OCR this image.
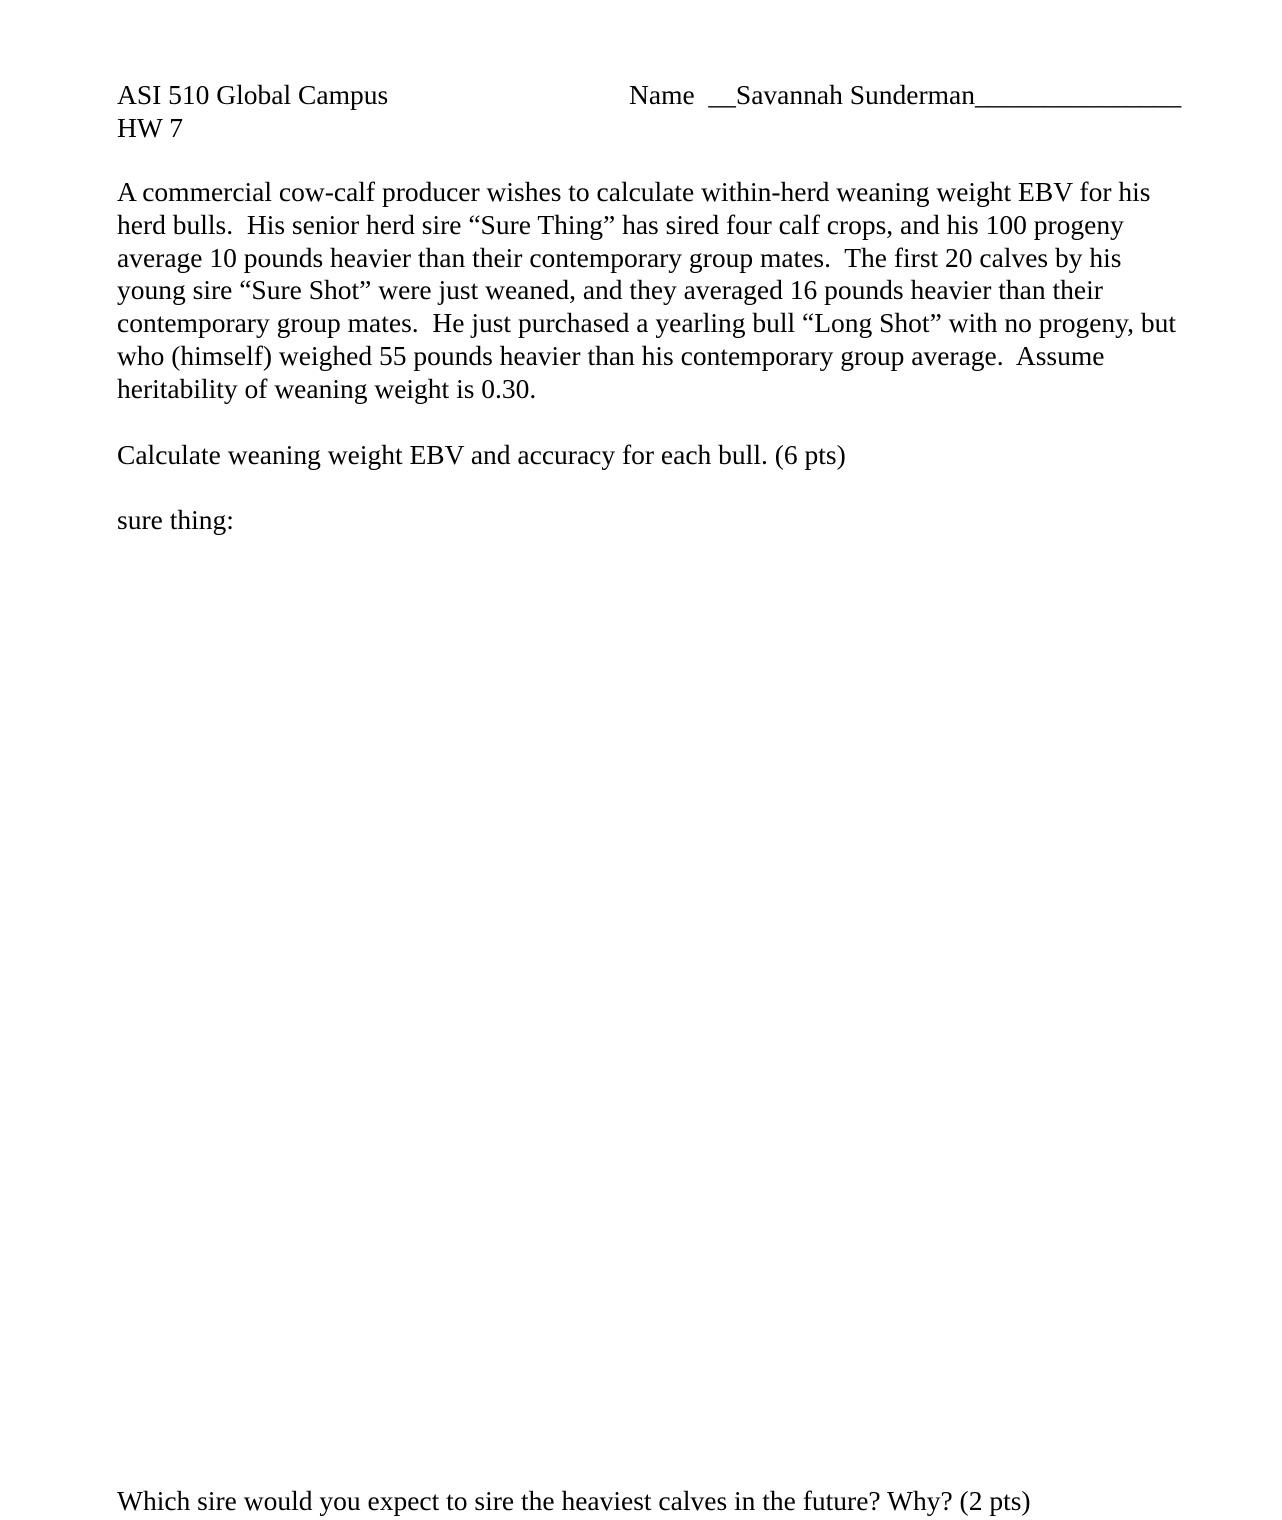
ASI 510 Global Campus
HW 7
Name  __Savannah Sunderman_______________
A commercial cow-calf producer wishes to calculate within-herd weaning weight EBV for his
herd bulls.  His senior herd sire “Sure Thing” has sired four calf crops, and his 100 progeny
average 10 pounds heavier than their contemporary group mates.  The first 20 calves by his
young sire “Sure Shot” were just weaned, and they averaged 16 pounds heavier than their
contemporary group mates.  He just purchased a yearling bull “Long Shot” with no progeny, but
who (himself) weighed 55 pounds heavier than his contemporary group average.  Assume
heritability of weaning weight is 0.30.
Calculate weaning weight EBV and accuracy for each bull. (6 pts)
sure thing:
Which sire would you expect to sire the heaviest calves in the future? Why? (2 pts)
